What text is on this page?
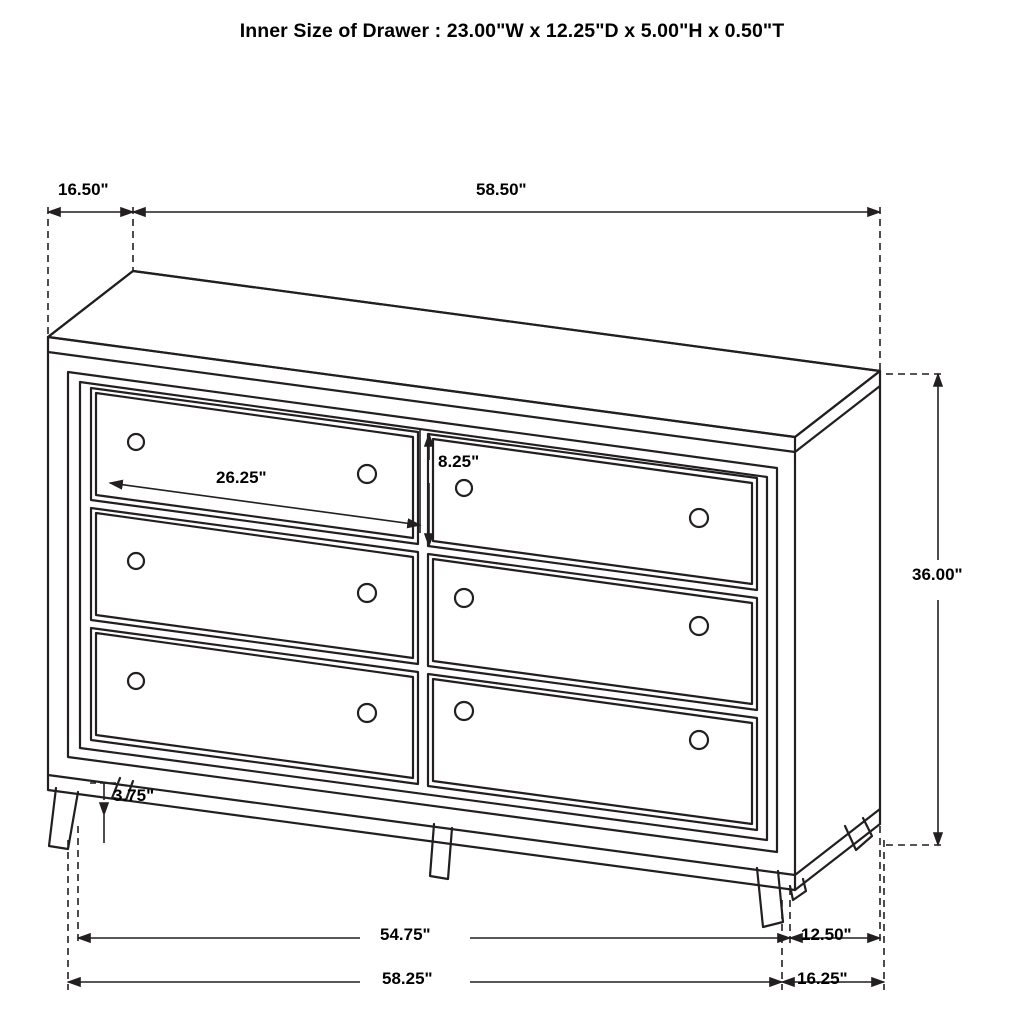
Inner Size of Drawer : 23.00"W x 12.25"D x 5.00"H x 0.50"T
16.50"	58.50"
26.25"
8.25"
36.00"
3.75"
54.75"	12.50"
58.25"	16.25"
